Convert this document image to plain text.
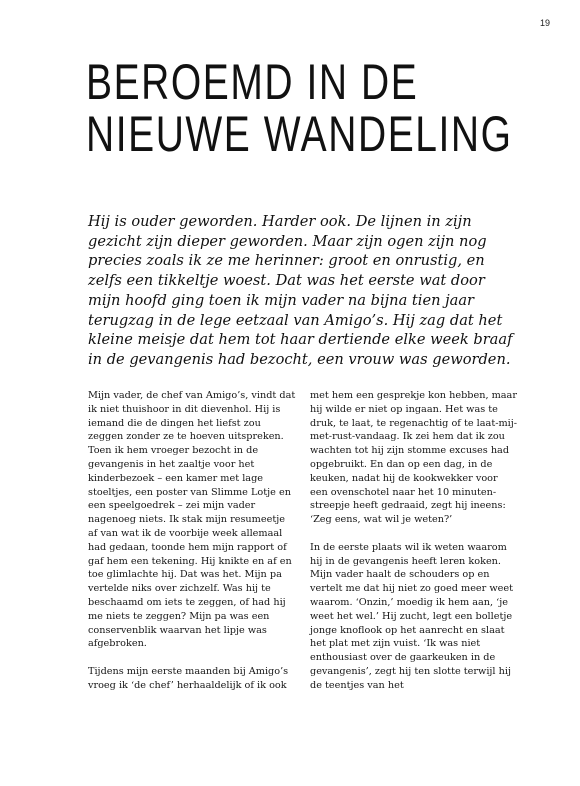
19
BEROEMD IN DE
NIEUWE WANDELING

Hij is ouder geworden. Harder ook. De lijnen in zijn gezicht zijn dieper geworden. Maar zijn ogen zijn nog precies zoals ik ze me herinner: groot en onrustig, en zelfs een tikkeltje woest. Dat was het eerste wat door mijn hoofd ging toen ik mijn vader na bijna tien jaar terugzag in de lege eetzaal van Amigo’s. Hij zag dat het kleine meisje dat hem tot haar dertiende elke week braaf in de gevangenis had bezocht, een vrouw was geworden.

Mijn vader, de chef van Amigo’s, vindt dat ik niet thuishoor in dit dievenhol. Hij is iemand die de dingen het liefst zou zeggen zonder ze te hoeven uitspreken. Toen ik hem vroeger bezocht in de gevangenis in het zaaltje voor het kinderbezoek – een kamer met lage stoeltjes, een poster van Slimme Lotje en een speelgoedrek – zei mijn vader nagenoeg niets. Ik stak mijn resumeetje af van wat ik de voorbije week allemaal had gedaan, toonde hem mijn rapport of gaf hem een tekening. Hij knikte en af en toe glimlachte hij. Dat was het. Mijn pa vertelde niks over zichzelf. Was hij te beschaamd om iets te zeggen, of had hij me niets te zeggen? Mijn pa was een conservenblik waarvan het lipje was afgebroken.

Tijdens mijn eerste maanden bij Amigo’s vroeg ik ‘de chef’ herhaaldelijk of ik ook

met hem een gesprekje kon hebben, maar hij wilde er niet op ingaan. Het was te druk, te laat, te regenachtig of te laat-mij-met-rust-vandaag. Ik zei hem dat ik zou wachten tot hij zijn stomme excuses had opgebruikt. En dan op een dag, in de keuken, nadat hij de kookwekker voor een ovenschotel naar het 10 minuten-streepje heeft gedraaid, zegt hij ineens: ‘Zeg eens, wat wil je weten?’

In de eerste plaats wil ik weten waarom hij in de gevangenis heeft leren koken. Mijn vader haalt de schouders op en vertelt me dat hij niet zo goed meer weet waarom. ‘Onzin,’ moedig ik hem aan, ‘je weet het wel.’ Hij zucht, legt een bolletje jonge knoflook op het aanrecht en slaat het plat met zijn vuist. ‘Ik was niet enthousiast over de gaarkeuken in de gevangenis’, zegt hij ten slotte terwijl hij de teentjes van het
